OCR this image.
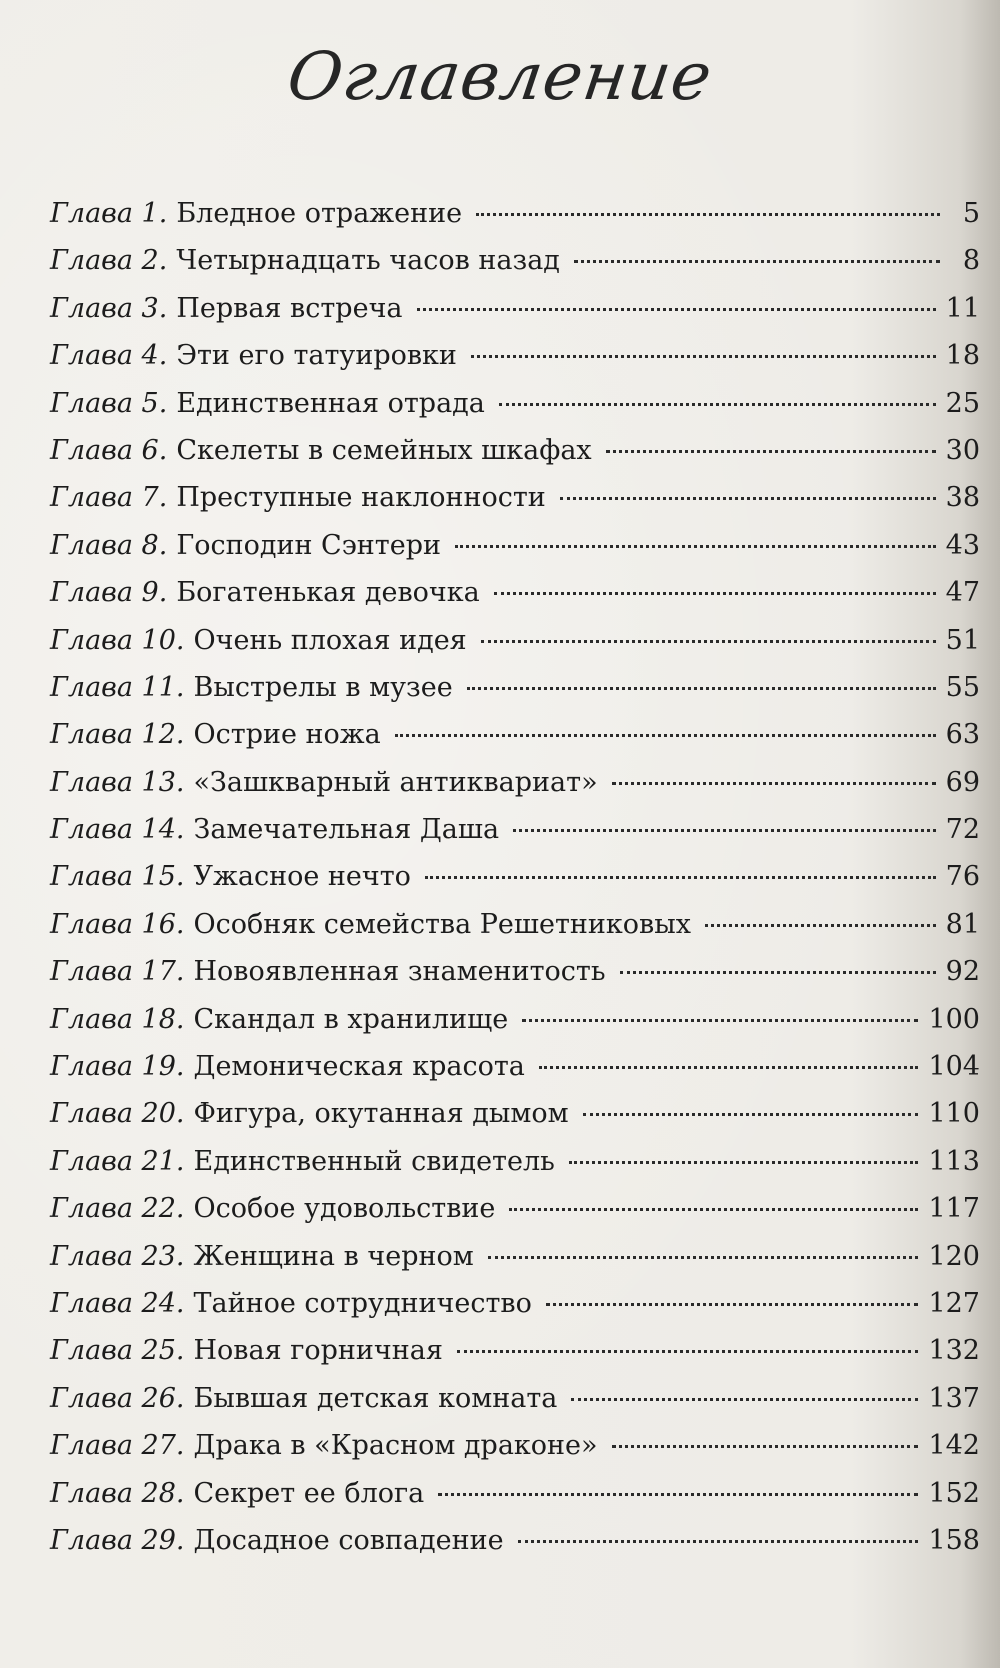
Оглавление
Глава 1. Бледное отражение	5
Глава 2. Четырнадцать часов назад	8
Глава 3. Первая встреча	11
Глава 4. Эти его татуировки	18
Глава 5. Единственная отрада	25
Глава 6. Скелеты в семейных шкафах	30
Глава 7. Преступные наклонности	38
Глава 8. Господин Сэнтери	43
Глава 9. Богатенькая девочка	47
Глава 10. Очень плохая идея	51
Глава 11. Выстрелы в музее	55
Глава 12. Острие ножа	63
Глава 13. «Зашкварный антиквариат»	69
Глава 14. Замечательная Даша	72
Глава 15. Ужасное нечто	76
Глава 16. Особняк семейства Решетниковых	81
Глава 17. Новоявленная знаменитость	92
Глава 18. Скандал в хранилище	100
Глава 19. Демоническая красота	104
Глава 20. Фигура, окутанная дымом	110
Глава 21. Единственный свидетель	113
Глава 22. Особое удовольствие	117
Глава 23. Женщина в черном	120
Глава 24. Тайное сотрудничество	127
Глава 25. Новая горничная	132
Глава 26. Бывшая детская комната	137
Глава 27. Драка в «Красном драконе»	142
Глава 28. Секрет ее блога	152
Глава 29. Досадное совпадение	158
